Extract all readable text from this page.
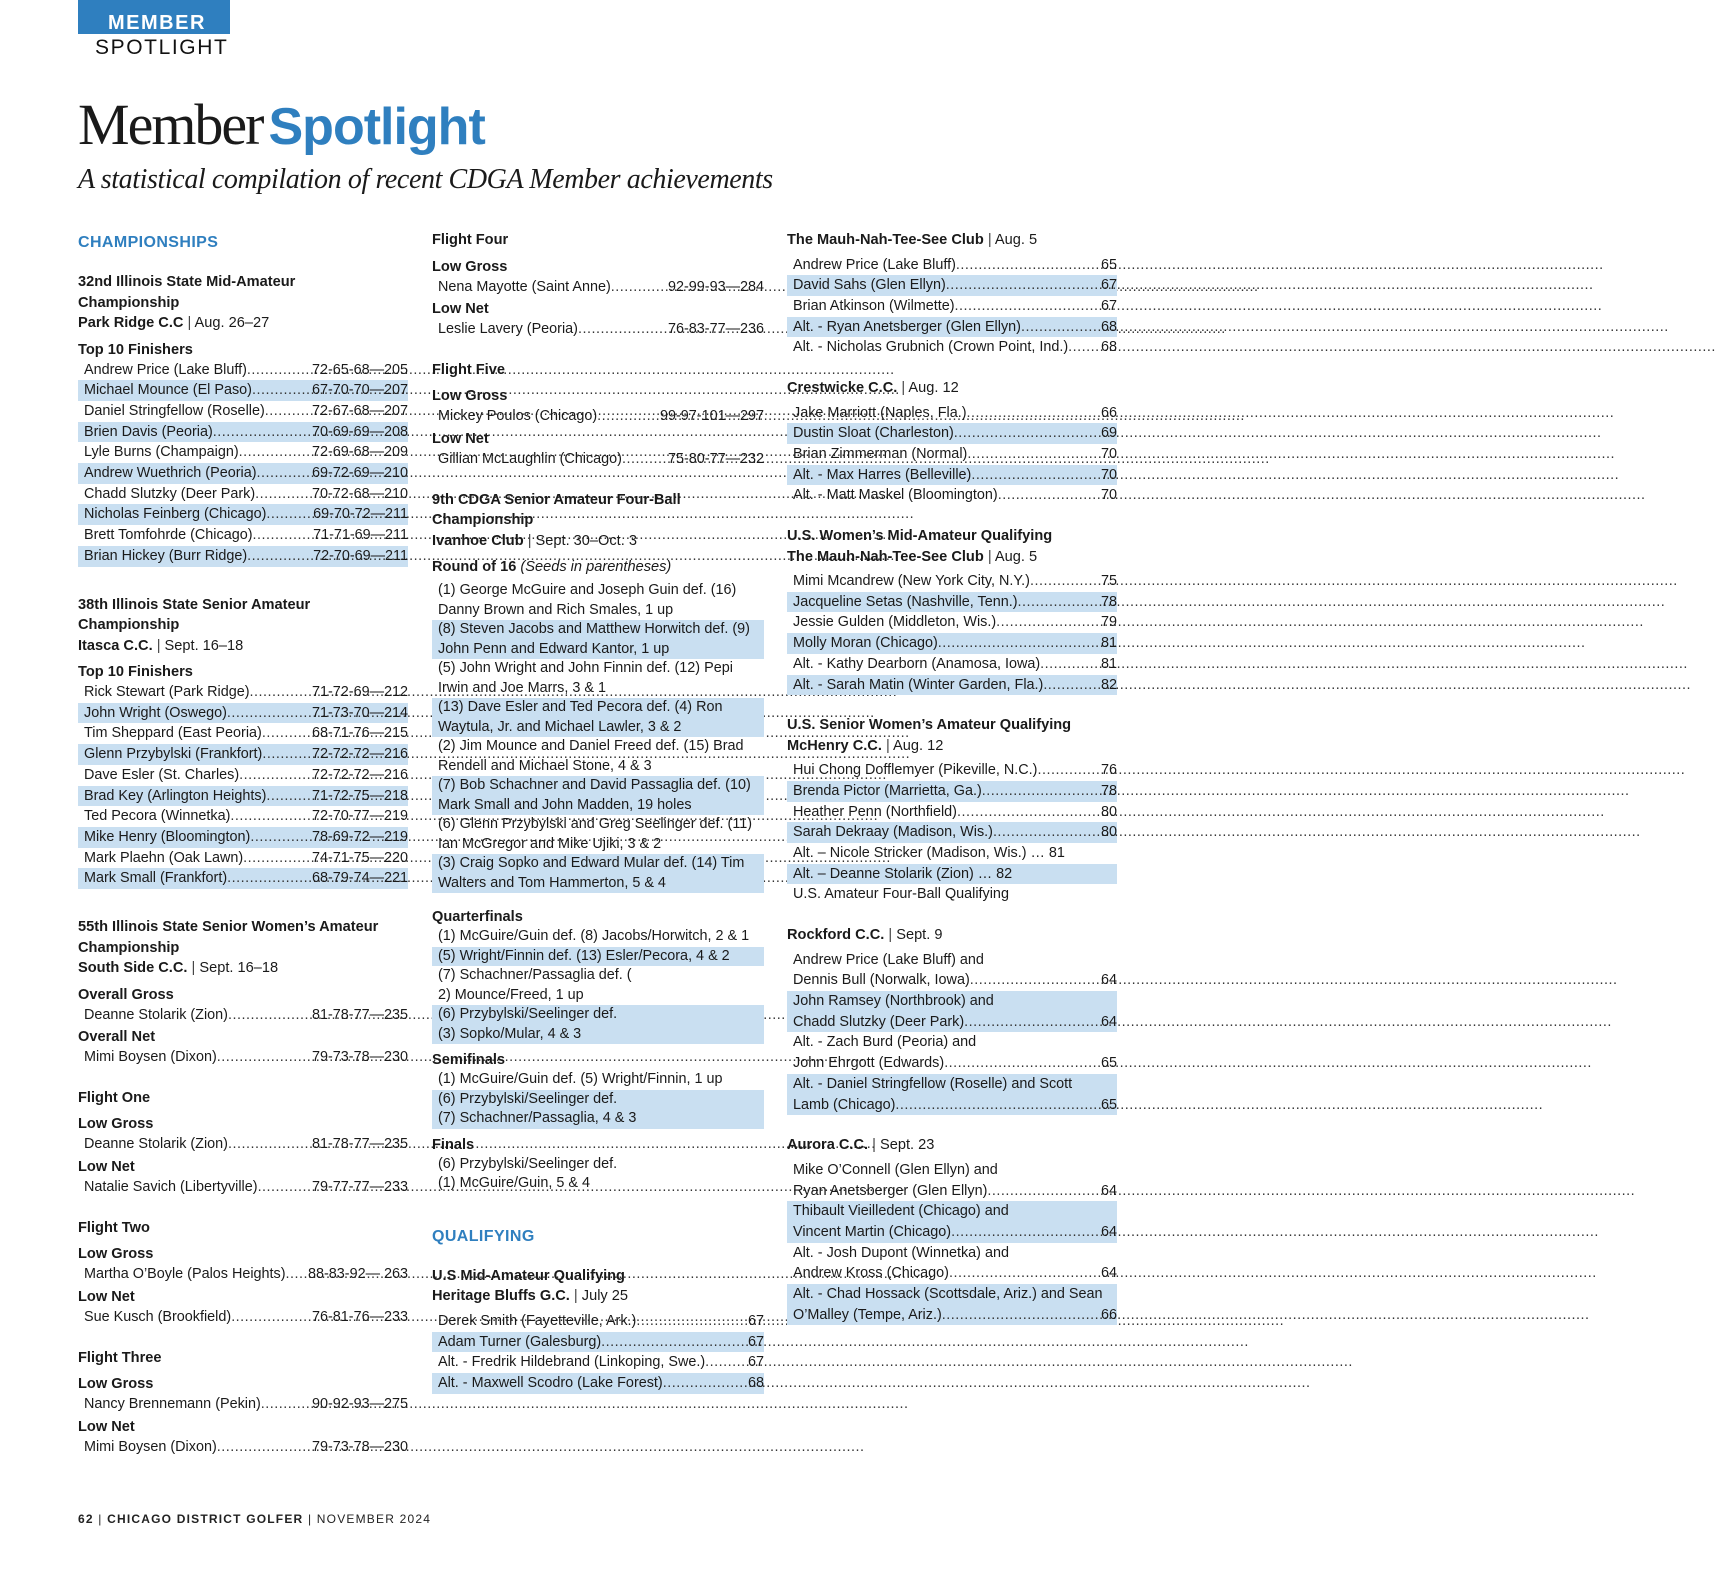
MEMBER
SPOTLIGHT
Member Spotlight
A statistical compilation of recent CDGA Member achievements
CHAMPIONSHIPS
32nd Illinois State Mid-Amateur
Championship
Park Ridge C.C | Aug. 26–27
Top 10 Finishers
Andrew Price (Lake Bluff) .....	72-65-68—205
Michael Mounce (El Paso) .....	67-70-70—207
Daniel Stringfellow (Roselle) .....	72-67-68—207
Brien Davis (Peoria) .....	70-69-69—208
Lyle Burns (Champaign) .....	72-69-68—209
Andrew Wuethrich (Peoria) .....	69-72-69—210
Chadd Slutzky (Deer Park) .....	70-72-68—210
Nicholas Feinberg (Chicago) .....	69-70-72—211
Brett Tomfohrde (Chicago) .....	71-71-69—211
Brian Hickey (Burr Ridge) .....	72-70-69—211
38th Illinois State Senior Amateur
Championship
Itasca C.C. | Sept. 16–18
Top 10 Finishers
Rick Stewart (Park Ridge) .....	71-72-69—212
John Wright (Oswego) .....	71-73-70—214
Tim Sheppard (East Peoria) .....	68-71-76—215
Glenn Przybylski (Frankfort) .....	72-72-72—216
Dave Esler (St. Charles) .....	72-72-72—216
Brad Key (Arlington Heights) .....	71-72-75—218
Ted Pecora (Winnetka) .....	72-70-77—219
Mike Henry (Bloomington) .....	78-69-72—219
Mark Plaehn (Oak Lawn) .....	74-71-75—220
Mark Small (Frankfort) .....	68-79-74—221
55th Illinois State Senior Women’s Amateur
Championship
South Side C.C. | Sept. 16–18
Overall Gross
Deanne Stolarik (Zion) .....	81-78-77—235
Overall Net
Mimi Boysen (Dixon) .....	79-73-78—230
Flight One
Low Gross
Deanne Stolarik (Zion) .....	81-78-77—235
Low Net
Natalie Savich (Libertyville) .....	79-77-77—233
Flight Two
Low Gross
Martha O’Boyle (Palos Heights) ..... 88-83-92— 263
Low Net
Sue Kusch (Brookfield) .....	76-81-76—233
Flight Three
Low Gross
Nancy Brennemann (Pekin) .....	90-92-93—275
Low Net
Mimi Boysen (Dixon) .....	79-73-78—230
Flight Four
Low Gross
Nena Mayotte (Saint Anne) .....	92-99-93—284
Low Net
Leslie Lavery (Peoria) .....	76-83-77—236
Flight Five
Low Gross
Mickey Poulos (Chicago) .....	99-97-101—297
Low Net
Gillian McLaughlin (Chicago) .....	75-80-77—232
9th CDGA Senior Amateur Four-Ball
Championship
Ivanhoe Club | Sept. 30–Oct. 3
Round of 16 (Seeds in parentheses)
(1) George McGuire and Joseph Guin def. (16)
Danny Brown and Rich Smales, 1 up
(8) Steven Jacobs and Matthew Horwitch def. (9)
John Penn and Edward Kantor, 1 up
(5) John Wright and John Finnin def. (12) Pepi
Irwin and Joe Marrs, 3 & 1
(13) Dave Esler and Ted Pecora def. (4) Ron
Waytula, Jr. and Michael Lawler, 3 & 2
(2) Jim Mounce and Daniel Freed def. (15) Brad
Rendell and Michael Stone, 4 & 3
(7) Bob Schachner and David Passaglia def. (10)
Mark Small and John Madden, 19 holes
(6) Glenn Przybylski and Greg Seelinger def. (11)
Ian McGregor and Mike Ujiki, 3 & 2
(3) Craig Sopko and Edward Mular def. (14) Tim
Walters and Tom Hammerton, 5 & 4
Quarterfinals
(1) McGuire/Guin def. (8) Jacobs/Horwitch, 2 & 1
(5) Wright/Finnin def. (13) Esler/Pecora, 4 & 2
(7) Schachner/Passaglia def. (
2) Mounce/Freed, 1 up
(6) Przybylski/Seelinger def.
(3) Sopko/Mular, 4 & 3
Semifinals
(1) McGuire/Guin def. (5) Wright/Finnin, 1 up
(6) Przybylski/Seelinger def.
(7) Schachner/Passaglia, 4 & 3
Finals
(6) Przybylski/Seelinger def.
(1) McGuire/Guin, 5 & 4
QUALIFYING
U.S Mid-Amateur Qualifying
Heritage Bluffs G.C. | July 25
Derek Smith (Fayetteville, Ark.) .....	67
Adam Turner (Galesburg) .....	67
Alt. - Fredrik Hildebrand (Linkoping, Swe.) .....	67
Alt. - Maxwell Scodro (Lake Forest) .....	68
The Mauh-Nah-Tee-See Club | Aug. 5
Andrew Price (Lake Bluff) .....	65
David Sahs (Glen Ellyn) .....	67
Brian Atkinson (Wilmette) .....	67
Alt. - Ryan Anetsberger (Glen Ellyn) .....	68
Alt. - Nicholas Grubnich (Crown Point, Ind.) ..... 68
Crestwicke C.C. | Aug. 12
Jake Marriott (Naples, Fla.) .....	66
Dustin Sloat (Charleston) .....	69
Brian Zimmerman (Normal) .....	70
Alt. - Max Harres (Belleville) .....	70
Alt. - Matt Maskel (Bloomington) .....	70
U.S. Women’s Mid-Amateur Qualifying
The Mauh-Nah-Tee-See Club | Aug. 5
Mimi Mcandrew (New York City, N.Y.) .....	75
Jacqueline Setas (Nashville, Tenn.) .....	78
Jessie Gulden (Middleton, Wis.) .....	79
Molly Moran (Chicago) .....	81
Alt. - Kathy Dearborn (Anamosa, Iowa) .....	81
Alt. - Sarah Matin (Winter Garden, Fla.) .....	82
U.S. Senior Women’s Amateur Qualifying
McHenry C.C. | Aug. 12
Hui Chong Dofflemyer (Pikeville, N.C.) .....	76
Brenda Pictor (Marrietta, Ga.) .....	78
Heather Penn (Northfield) .....	80
Sarah Dekraay (Madison, Wis.) .....	80
Alt. – Nicole Stricker (Madison, Wis.) … 81
Alt. – Deanne Stolarik (Zion) … 82
U.S. Amateur Four-Ball Qualifying
Rockford C.C. | Sept. 9
Andrew Price (Lake Bluff) and
Dennis Bull (Norwalk, Iowa) .....	64
John Ramsey (Northbrook) and
Chadd Slutzky (Deer Park) .....	64
Alt. - Zach Burd (Peoria) and
John Ehrgott (Edwards) .....	65
Alt. - Daniel Stringfellow (Roselle) and Scott
Lamb (Chicago) .....	65
Aurora C.C. | Sept. 23
Mike O’Connell (Glen Ellyn) and
Ryan Anetsberger (Glen Ellyn) .....	64
Thibault Vieilledent (Chicago) and
Vincent Martin (Chicago) .....	64
Alt. - Josh Dupont (Winnetka) and
Andrew Kross (Chicago) .....	64
Alt. - Chad Hossack (Scottsdale, Ariz.) and Sean
O’Malley (Tempe, Ariz.) .....	66
62 | CHICAGO DISTRICT GOLFER | NOVEMBER 2024
